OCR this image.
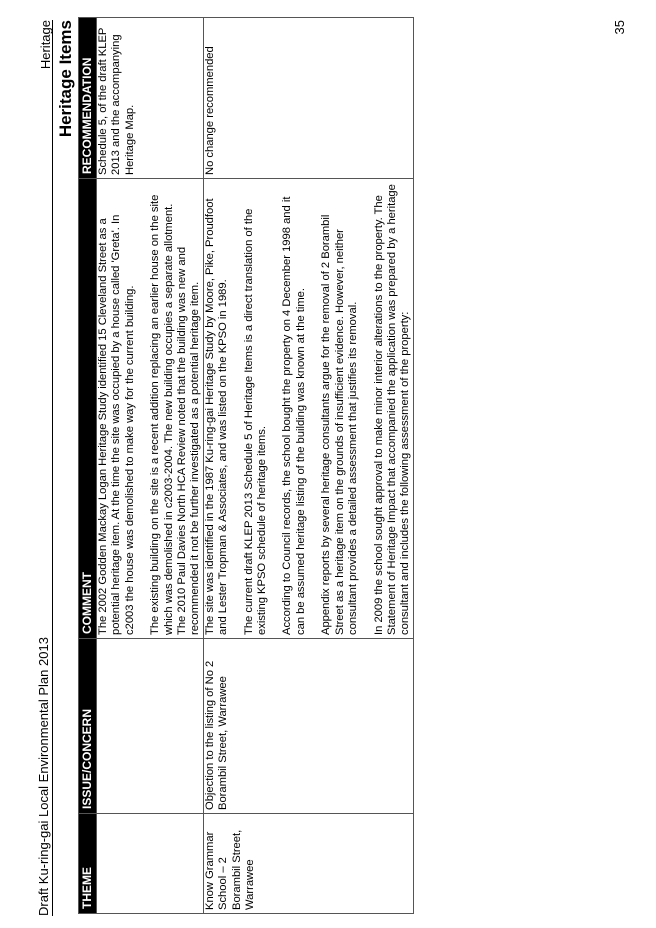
Draft Ku-ring-gai Local Environmental Plan 2013
Heritage Heritage Items
THEME	ISSUE/CONCERN	COMMENT	RECOMMENDATION

		The 2002 Godden Mackay Logan Heritage Study identified 15 Cleveland Street as a potential heritage item. At the time the site was occupied by a house called 'Greta'. In c2003 the house was demolished to make way for the current building. The existing building on the site is a recent addition replacing an earlier house on the site which was demolished in c2003-2004. The new building occupies a separate allotment. The 2010 Paul Davies North HCA Review noted that the building was new and recommended it not be further investigated as a potential heritage item.	Schedule 5, of the draft KLEP 2013 and the accompanying Heritage Map.
Know Grammar School – 2 Borambil Street, Warrawee	Objection to the listing of No 2 Borambil Street, Warrawee	The site was identified in the 1987 Ku-ring-gai Heritage Study by Moore, Pike, Proudfoot and Lester Tropman & Associates, and was listed on the KPSO in 1989. The current draft KLEP 2013 Schedule 5 of Heritage Items is a direct translation of the existing KPSO schedule of heritage items. According to Council records, the school bought the property on 4 December 1998 and it can be assumed heritage listing of the building was known at the time. Appendix reports by several heritage consultants argue for the removal of 2 Borambil Street as a heritage item on the grounds of insufficient evidence. However, neither consultant provides a detailed assessment that justifies its removal. In 2009 the school sought approval to make minor interior alterations to the property. The Statement of Heritage Impact that accompanied the application was prepared by a heritage consultant and includes the following assessment of the property:	No change recommended
35
